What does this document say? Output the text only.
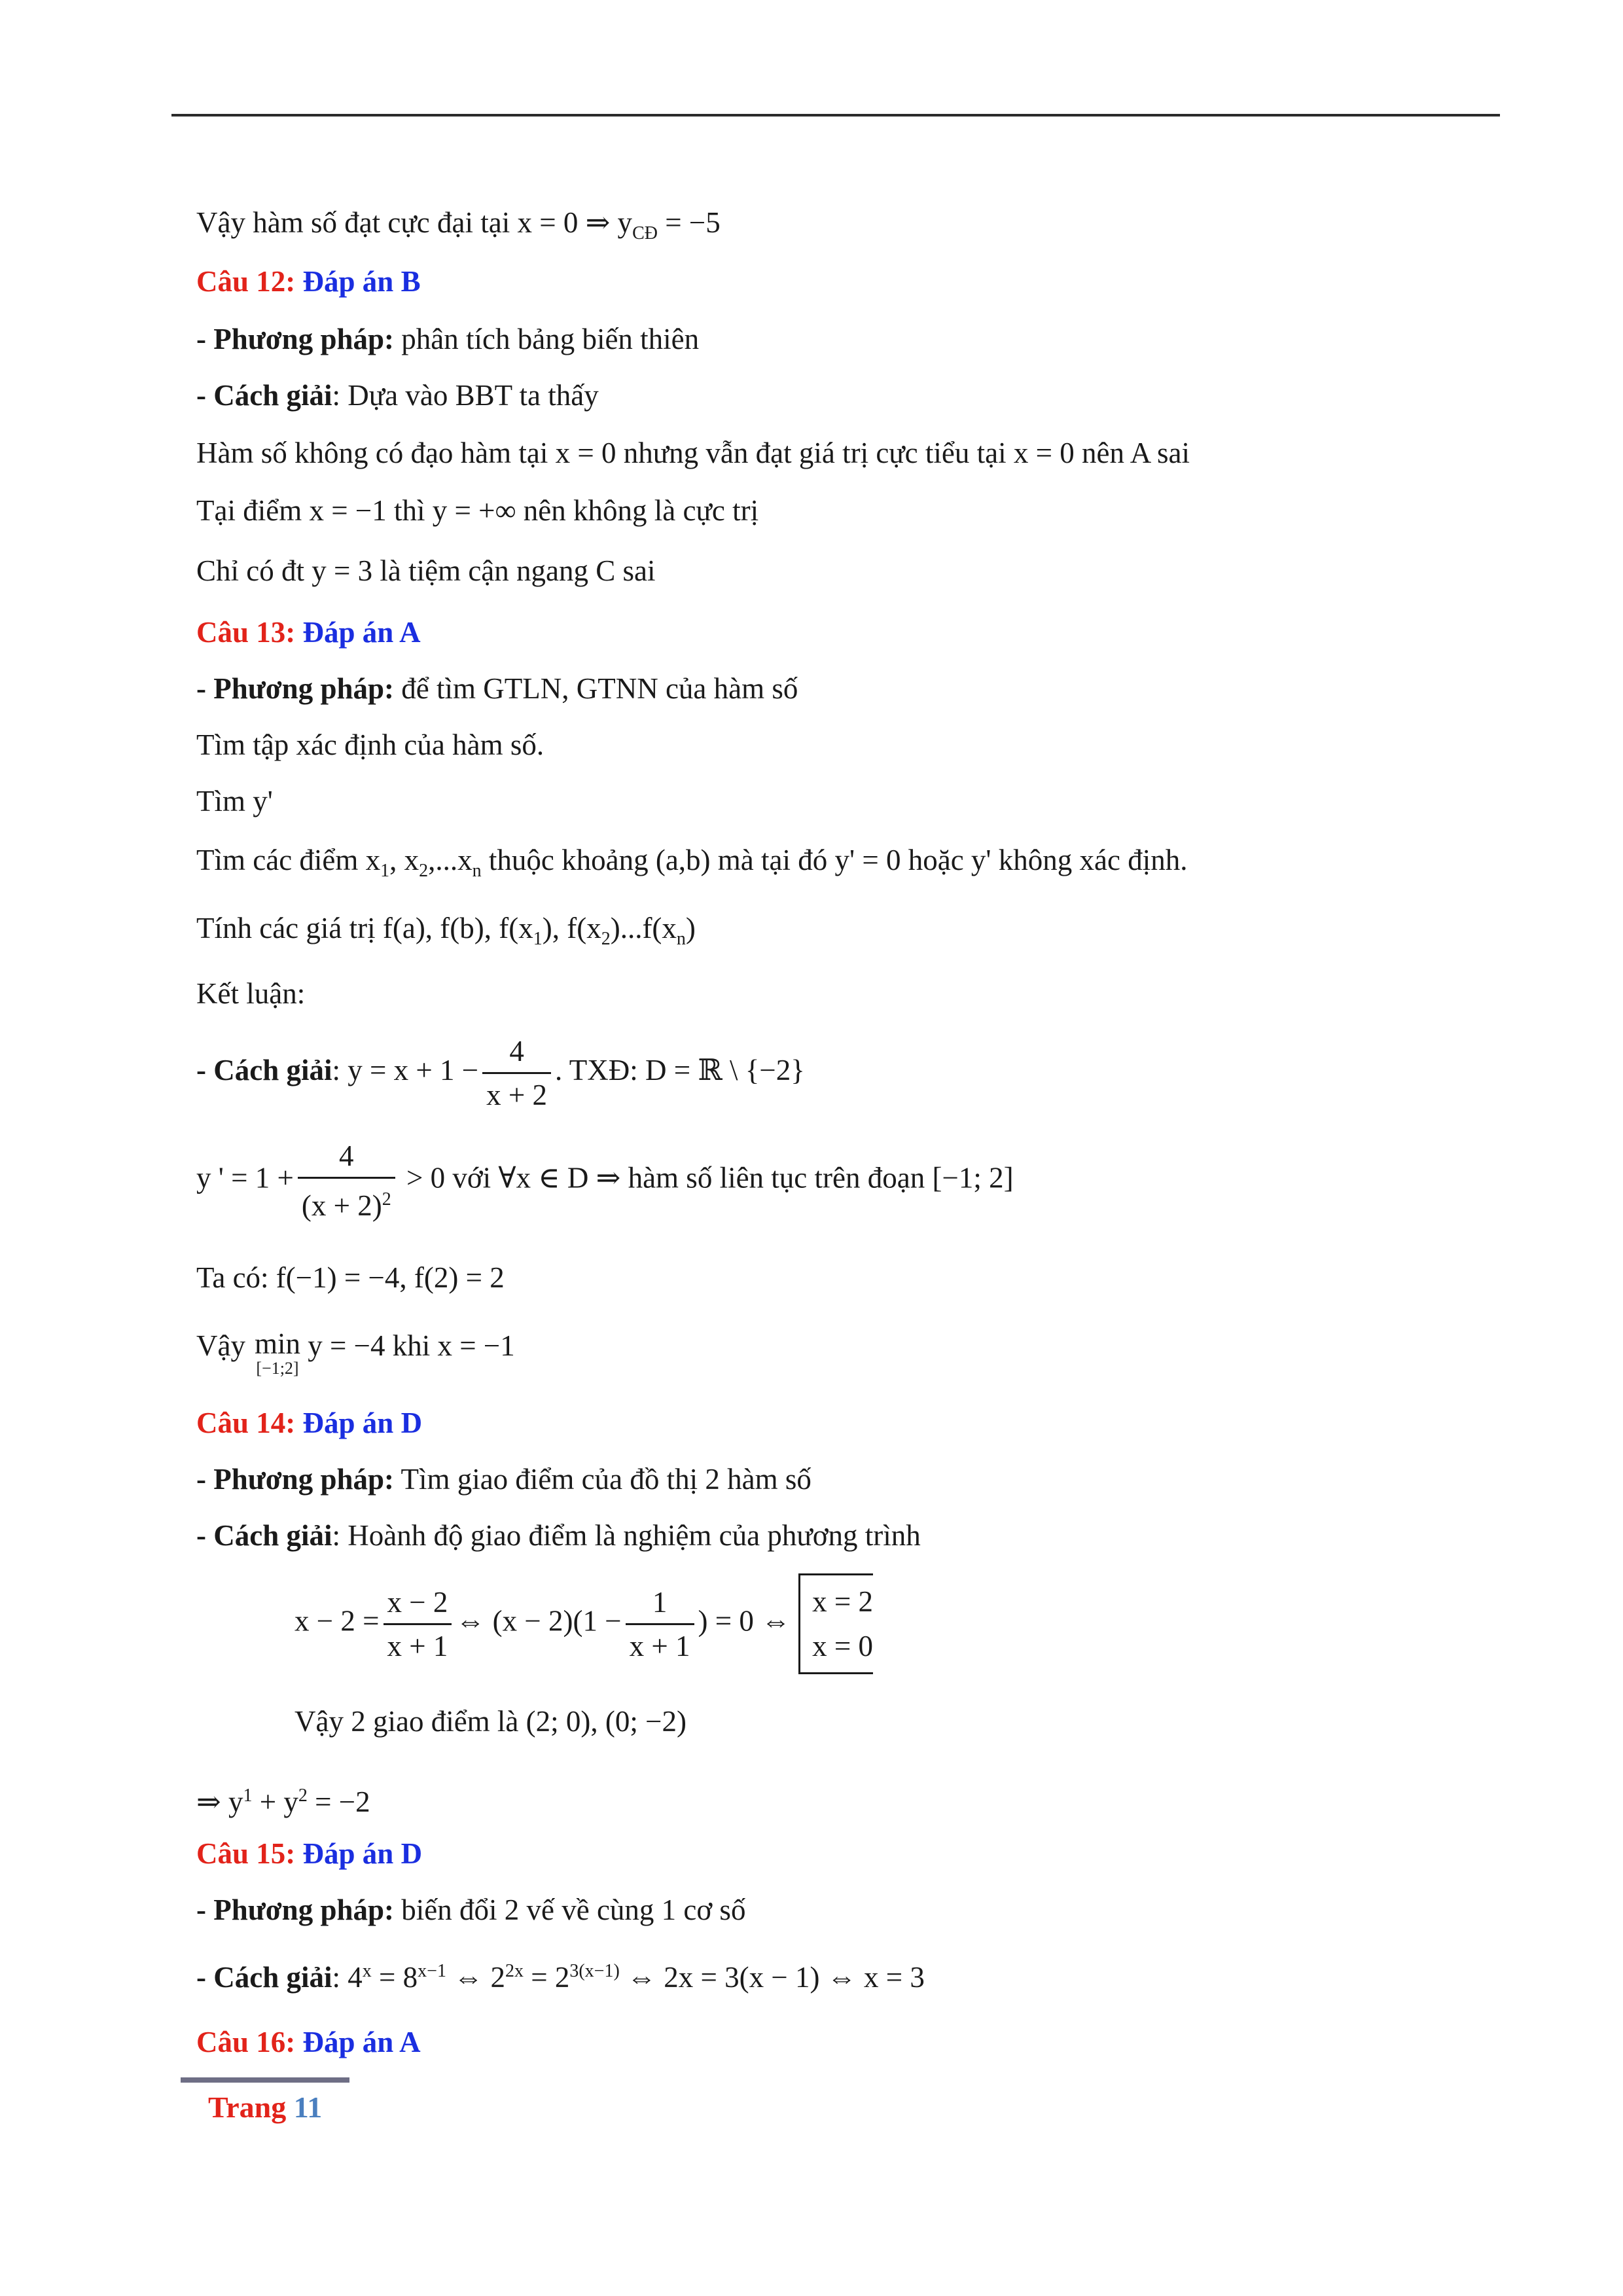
Vậy hàm số đạt cực đại tại x = 0 ⇒ $y_{CĐ} = -5$
Câu 12: Đáp án B
- Phương pháp: phân tích bảng biến thiên
- Cách giải: Dựa vào BBT ta thấy
Hàm số không có đạo hàm tại x = 0 nhưng vẫn đạt giá trị cực tiểu tại x = 0 nên A sai
Tại điểm x = −1 thì y = +∞ nên không là cực trị
Chỉ có đt y = 3 là tiệm cận ngang C sai
Câu 13: Đáp án A
- Phương pháp: để tìm GTLN, GTNN của hàm số
Tìm tập xác định của hàm số.
Tìm y'
Tìm các điểm $x_1$, $x_2,...x_n$ thuộc khoảng (a,b) mà tại đó y' = 0 hoặc y' không xác định.
Tính các giá trị f(a), f(b), $f(x_1)$, $f(x_2)...f(x_n)$
Kết luận:
- Cách giải: $y = x + 1 - \frac{4}{x + 2}$ . TXĐ: D = ℝ \ {−2}
y ' = $1 + \frac{4}{(x + 2)^2} > 0$ với ∀x ∈ D ⇒ hàm số liên tục trên đoạn [−1; 2]
Ta có: f(−1) = −4, f(2) = 2
Vậy min
[−1;2]
y = −4 khi x = −1
Câu 14: Đáp án D
- Phương pháp: Tìm giao điểm của đồ thị 2 hàm số
- Cách giải: Hoành độ giao điểm là nghiệm của phương trình
$x - 2 = \frac{x - 2}{x + 1}$ ⇔ $(x - 2)(1 - \frac{1}{x + 1}$ ) = 0 ⇔
x = 2
x = 0
Vậy 2 giao điểm là (2; 0), (0; −2)
⇒ $y^1 + y^2 = -2$
Câu 15: Đáp án D
- Phương pháp: biến đổi 2 vế về cùng 1 cơ số
- Cách giải: $4^x = 8^{x-1}$ ⇔ $2^{2x} = 2^{3(x-1)}$ ⇔ 2x = 3(x − 1) ⇔ x = 3
Câu 16: Đáp án A
Trang 11
